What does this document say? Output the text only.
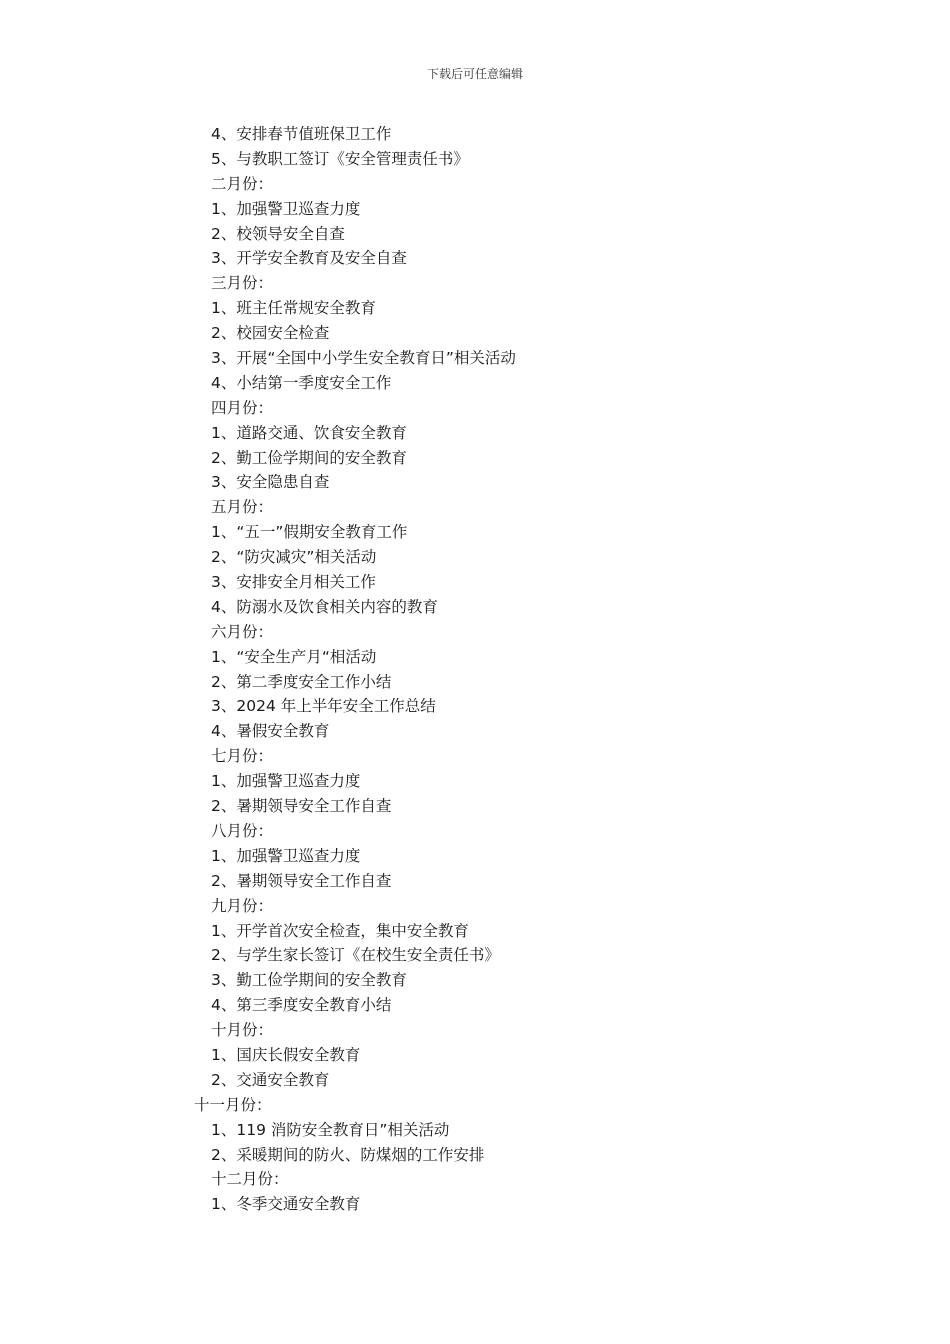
下载后可任意编辑
4、安排春节值班保卫工作
5、与教职工签订《安全管理责任书》
二月份：
1、加强警卫巡查力度
2、校领导安全自查
3、开学安全教育及安全自查
三月份：
1、班主任常规安全教育
2、校园安全检查
3、开展“全国中小学生安全教育日”相关活动
4、小结第一季度安全工作
四月份：
1、道路交通、饮食安全教育
2、勤工俭学期间的安全教育
3、安全隐患自查
五月份：
1、“五一”假期安全教育工作
2、“防灾减灾”相关活动
3、安排安全月相关工作
4、防溺水及饮食相关内容的教育
六月份：
1、“安全生产月“相活动
2、第二季度安全工作小结
3、2024 年上半年安全工作总结
4、暑假安全教育
七月份：
1、加强警卫巡查力度
2、暑期领导安全工作自查
八月份：
1、加强警卫巡查力度
2、暑期领导安全工作自查
九月份：
1、开学首次安全检查，集中安全教育
2、与学生家长签订《在校生安全责任书》
3、勤工俭学期间的安全教育
4、第三季度安全教育小结
十月份：
1、国庆长假安全教育
2、交通安全教育
十一月份：
1、119 消防安全教育日”相关活动
2、采暖期间的防火、防煤烟的工作安排
十二月份：
1、冬季交通安全教育
